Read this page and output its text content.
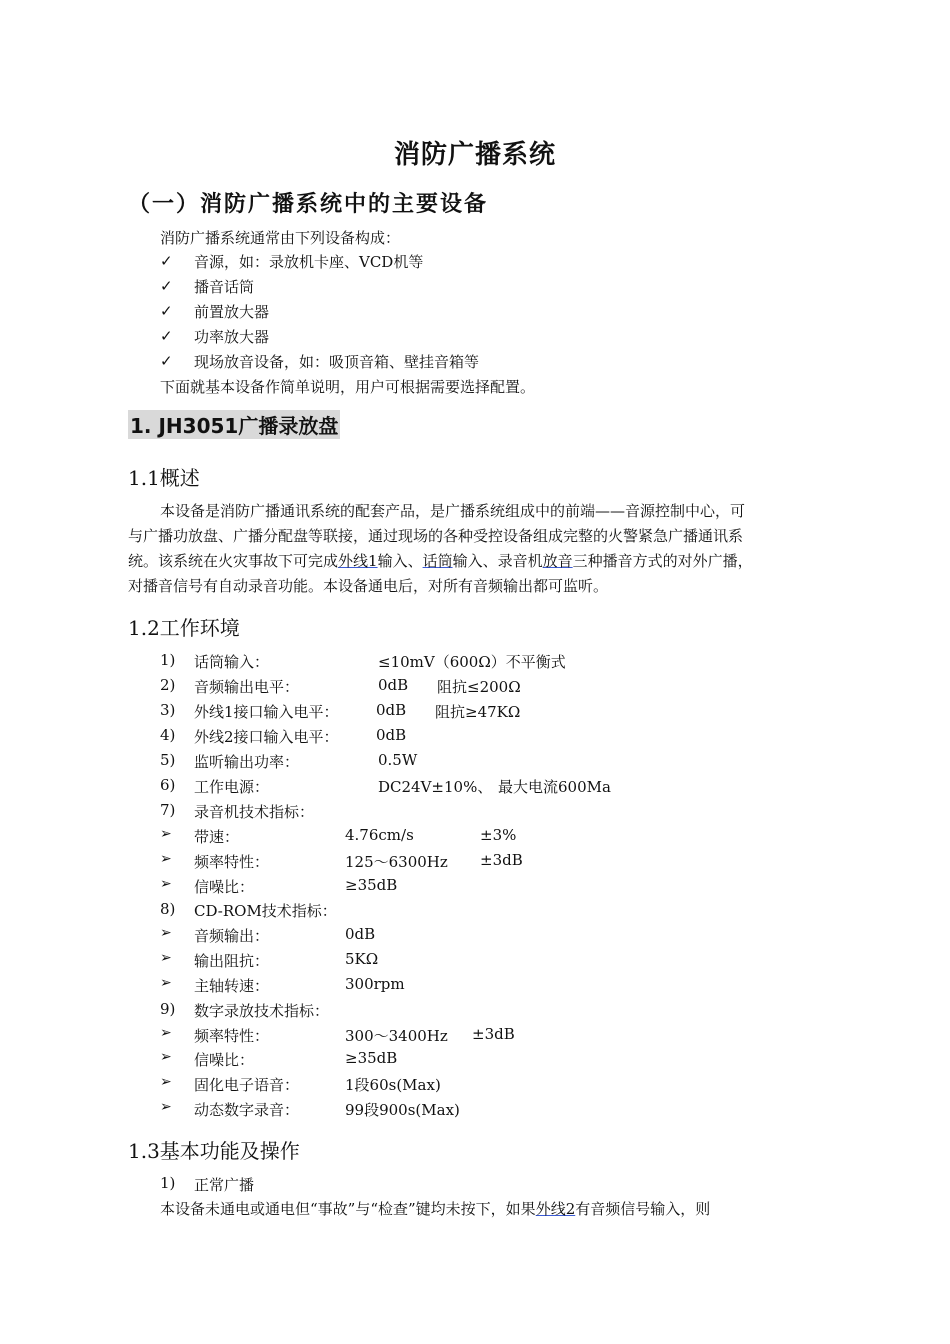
消防广播系统
（一）消防广播系统中的主要设备
消防广播系统通常由下列设备构成：
✓ 音源，如：录放机卡座、VCD机等
✓ 播音话筒
✓ 前置放大器
✓ 功率放大器
✓ 现场放音设备，如：吸顶音箱、壁挂音箱等
下面就基本设备作简单说明，用户可根据需要选择配置。
1. JH3051广播录放盘
1.1概述

本设备是消防广播通讯系统的配套产品，是广播系统组成中的前端——音源控制中心，可

与广播功放盘、广播分配盘等联接，通过现场的各种受控设备组成完整的火警紧急广播通讯系

统。该系统在火灾事故下可完成外线1输入、话筒输入、录音机放音三种播音方式的对外广播，

对播音信号有自动录音功能。本设备通电后，对所有音频输出都可监听。

1.2工作环境
1) 话筒输入：	≤10mV（600Ω）不平衡式
2) 音频输出电平：	0dB 阻抗≤200Ω
3) 外线1接口输入电平： 0dB 阻抗≥47KΩ
4) 外线2接口输入电平： 0dB
5) 监听输出功率：	0.5W
6) 工作电源：	DC24V±10%、 最大电流600Ma
7) 录音机技术指标：
➢ 带速：	4.76cm/s	±3%
➢ 频率特性：	125～6300Hz ±3dB
➢ 信噪比：	≥35dB
8) CD-ROM技术指标：
➢ 音频输出：	0dB
➢ 输出阻抗：	5KΩ
➢ 主轴转速：	300rpm
9) 数字录放技术指标：
➢ 频率特性：	300～3400Hz ±3dB
➢ 信噪比：	≥35dB
➢ 固化电子语音：	1段60s(Max)
➢ 动态数字录音：	99段900s(Max)
1.3基本功能及操作
1) 正常广播
本设备未通电或通电但“事故”与“检查”键均未按下，如果外线2有音频信号输入，则
